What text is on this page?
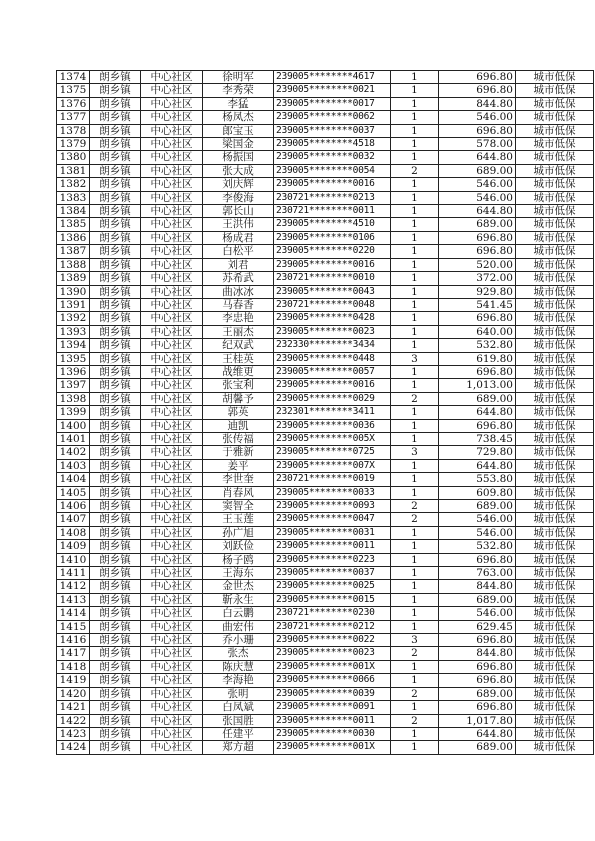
1374	朗乡镇	中心社区	徐明军	239005********4617	1	696.80	城市低保
1375	朗乡镇	中心社区	李秀荣	239005********0021	1	696.80	城市低保
1376	朗乡镇	中心社区	李猛	239005********0017	1	844.80	城市低保
1377	朗乡镇	中心社区	杨凤杰	239005********0062	1	546.00	城市低保
1378	朗乡镇	中心社区	郎宝玉	239005********0037	1	696.80	城市低保
1379	朗乡镇	中心社区	梁国金	239005********4518	1	578.00	城市低保
1380	朗乡镇	中心社区	杨振国	239005********0032	1	644.80	城市低保
1381	朗乡镇	中心社区	张大成	239005********0054	2	689.00	城市低保
1382	朗乡镇	中心社区	刘庆辉	239005********0016	1	546.00	城市低保
1383	朗乡镇	中心社区	李俊海	230721********0213	1	546.00	城市低保
1384	朗乡镇	中心社区	郭长山	230721********0011	1	644.80	城市低保
1385	朗乡镇	中心社区	王洪伟	239005********4510	1	689.00	城市低保
1386	朗乡镇	中心社区	杨成君	239005********0106	1	696.80	城市低保
1387	朗乡镇	中心社区	白松平	239005********0220	1	696.80	城市低保
1388	朗乡镇	中心社区	刘君	239005********0016	1	520.00	城市低保
1389	朗乡镇	中心社区	苏希武	230721********0010	1	372.00	城市低保
1390	朗乡镇	中心社区	曲冰冰	239005********0043	1	929.80	城市低保
1391	朗乡镇	中心社区	马春香	230721********0048	1	541.45	城市低保
1392	朗乡镇	中心社区	李忠艳	239005********0428	1	696.80	城市低保
1393	朗乡镇	中心社区	王丽杰	239005********0023	1	640.00	城市低保
1394	朗乡镇	中心社区	纪双武	232330********3434	1	532.80	城市低保
1395	朗乡镇	中心社区	王桂英	239005********0448	3	619.80	城市低保
1396	朗乡镇	中心社区	战维更	239005********0057	1	696.80	城市低保
1397	朗乡镇	中心社区	张宝利	239005********0016	1	1,013.00	城市低保
1398	朗乡镇	中心社区	胡馨予	239005********0029	2	689.00	城市低保
1399	朗乡镇	中心社区	郭英	232301********3411	1	644.80	城市低保
1400	朗乡镇	中心社区	迪凯	239005********0036	1	696.80	城市低保
1401	朗乡镇	中心社区	张传福	239005********005X	1	738.45	城市低保
1402	朗乡镇	中心社区	于雅新	239005********0725	3	729.80	城市低保
1403	朗乡镇	中心社区	姜平	239005********007X	1	644.80	城市低保
1404	朗乡镇	中心社区	李世奎	230721********0019	1	553.80	城市低保
1405	朗乡镇	中心社区	肖春风	239005********0033	1	609.80	城市低保
1406	朗乡镇	中心社区	窦智全	239005********0093	2	689.00	城市低保
1407	朗乡镇	中心社区	王玉莲	239005********0047	2	546.00	城市低保
1408	朗乡镇	中心社区	孙广旭	239005********0031	1	546.00	城市低保
1409	朗乡镇	中心社区	刘跃俭	239005********0011	1	532.80	城市低保
1410	朗乡镇	中心社区	杨子鸥	239005********0223	1	696.80	城市低保
1411	朗乡镇	中心社区	王海东	239005********0037	1	763.00	城市低保
1412	朗乡镇	中心社区	金世杰	239005********0025	1	844.80	城市低保
1413	朗乡镇	中心社区	靳永生	239005********0015	1	689.00	城市低保
1414	朗乡镇	中心社区	白云鹏	230721********0230	1	546.00	城市低保
1415	朗乡镇	中心社区	曲宏伟	230721********0212	1	629.45	城市低保
1416	朗乡镇	中心社区	乔小珊	239005********0022	3	696.80	城市低保
1417	朗乡镇	中心社区	张杰	239005********0023	2	844.80	城市低保
1418	朗乡镇	中心社区	陈庆慧	239005********001X	1	696.80	城市低保
1419	朗乡镇	中心社区	李海艳	239005********0066	1	696.80	城市低保
1420	朗乡镇	中心社区	张明	239005********0039	2	689.00	城市低保
1421	朗乡镇	中心社区	白凤斌	239005********0091	1	696.80	城市低保
1422	朗乡镇	中心社区	张国胜	239005********0011	2	1,017.80	城市低保
1423	朗乡镇	中心社区	任建平	239005********0030	1	644.80	城市低保
1424	朗乡镇	中心社区	郑方超	239005********001X	1	689.00	城市低保
